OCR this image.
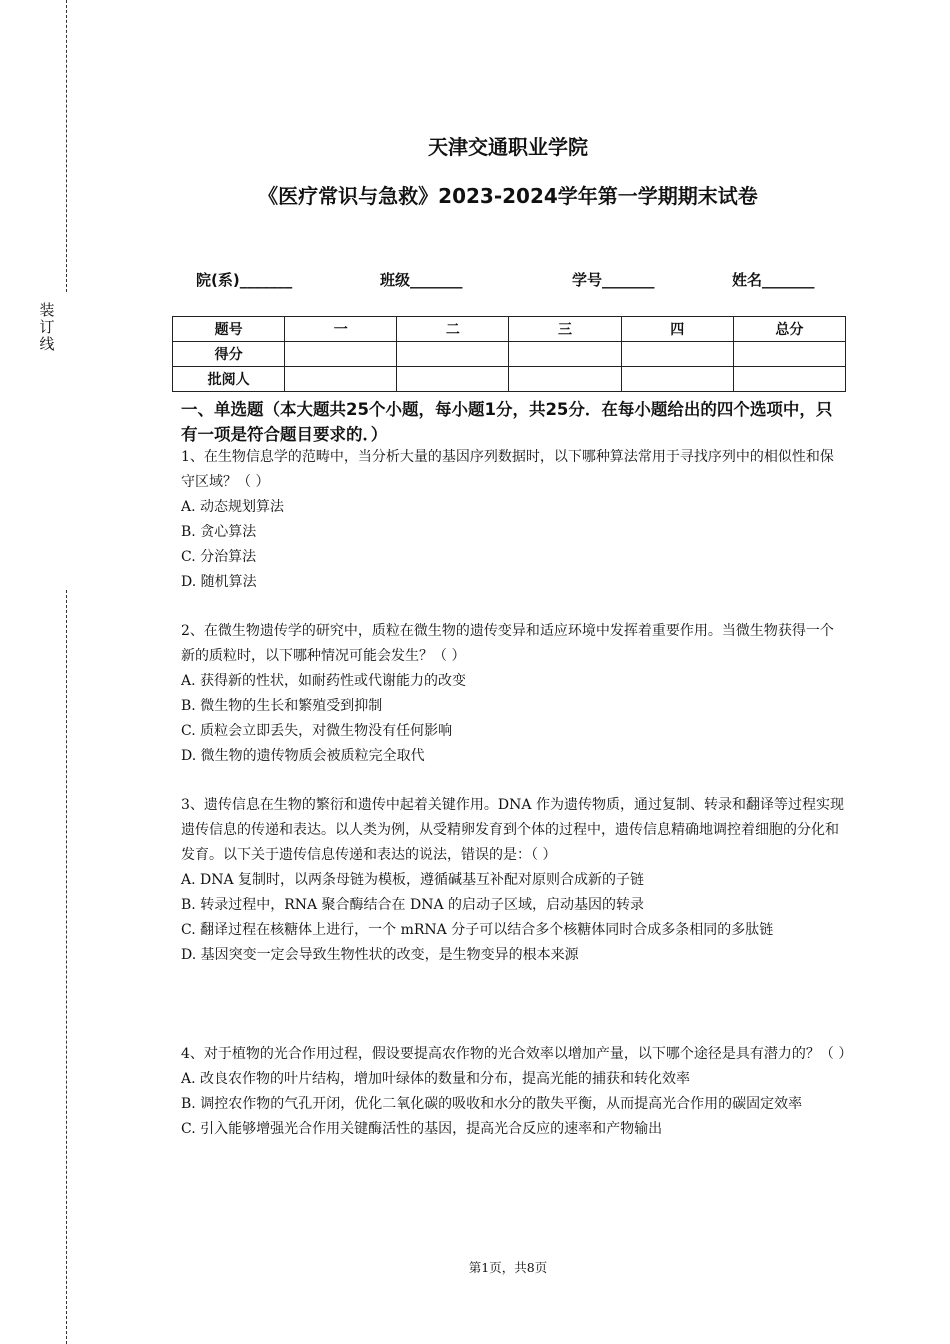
装
订
线
天津交通职业学院
《医疗常识与急救》2023-2024学年第一学期期末试卷
院(系)_______	班级_______	学号_______	姓名_______
题号	一	二	三	四	总分
得分					
批阅人					
一、单选题（本大题共25个小题，每小题1分，共25分．在每小题给出的四个选项中，只有一项是符合题目要求的．）
1、在生物信息学的范畴中，当分析大量的基因序列数据时，以下哪种算法常用于寻找序列中的相似性和保守区域？（ ）
A. 动态规划算法
B. 贪心算法
C. 分治算法
D. 随机算法
2、在微生物遗传学的研究中，质粒在微生物的遗传变异和适应环境中发挥着重要作用。当微生物获得一个新的质粒时，以下哪种情况可能会发生？（ ）
A. 获得新的性状，如耐药性或代谢能力的改变
B. 微生物的生长和繁殖受到抑制
C. 质粒会立即丢失，对微生物没有任何影响
D. 微生物的遗传物质会被质粒完全取代
3、遗传信息在生物的繁衍和遗传中起着关键作用。DNA 作为遗传物质，通过复制、转录和翻译等过程实现遗传信息的传递和表达。以人类为例，从受精卵发育到个体的过程中，遗传信息精确地调控着细胞的分化和发育。以下关于遗传信息传递和表达的说法，错误的是：（ ）
A. DNA 复制时，以两条母链为模板，遵循碱基互补配对原则合成新的子链
B. 转录过程中，RNA 聚合酶结合在 DNA 的启动子区域，启动基因的转录
C. 翻译过程在核糖体上进行，一个 mRNA 分子可以结合多个核糖体同时合成多条相同的多肽链
D. 基因突变一定会导致生物性状的改变，是生物变异的根本来源
4、对于植物的光合作用过程，假设要提高农作物的光合效率以增加产量，以下哪个途径是具有潜力的？（ ）
A. 改良农作物的叶片结构，增加叶绿体的数量和分布，提高光能的捕获和转化效率
B. 调控农作物的气孔开闭，优化二氧化碳的吸收和水分的散失平衡，从而提高光合作用的碳固定效率
C. 引入能够增强光合作用关键酶活性的基因，提高光合反应的速率和产物输出
第1页，共8页
